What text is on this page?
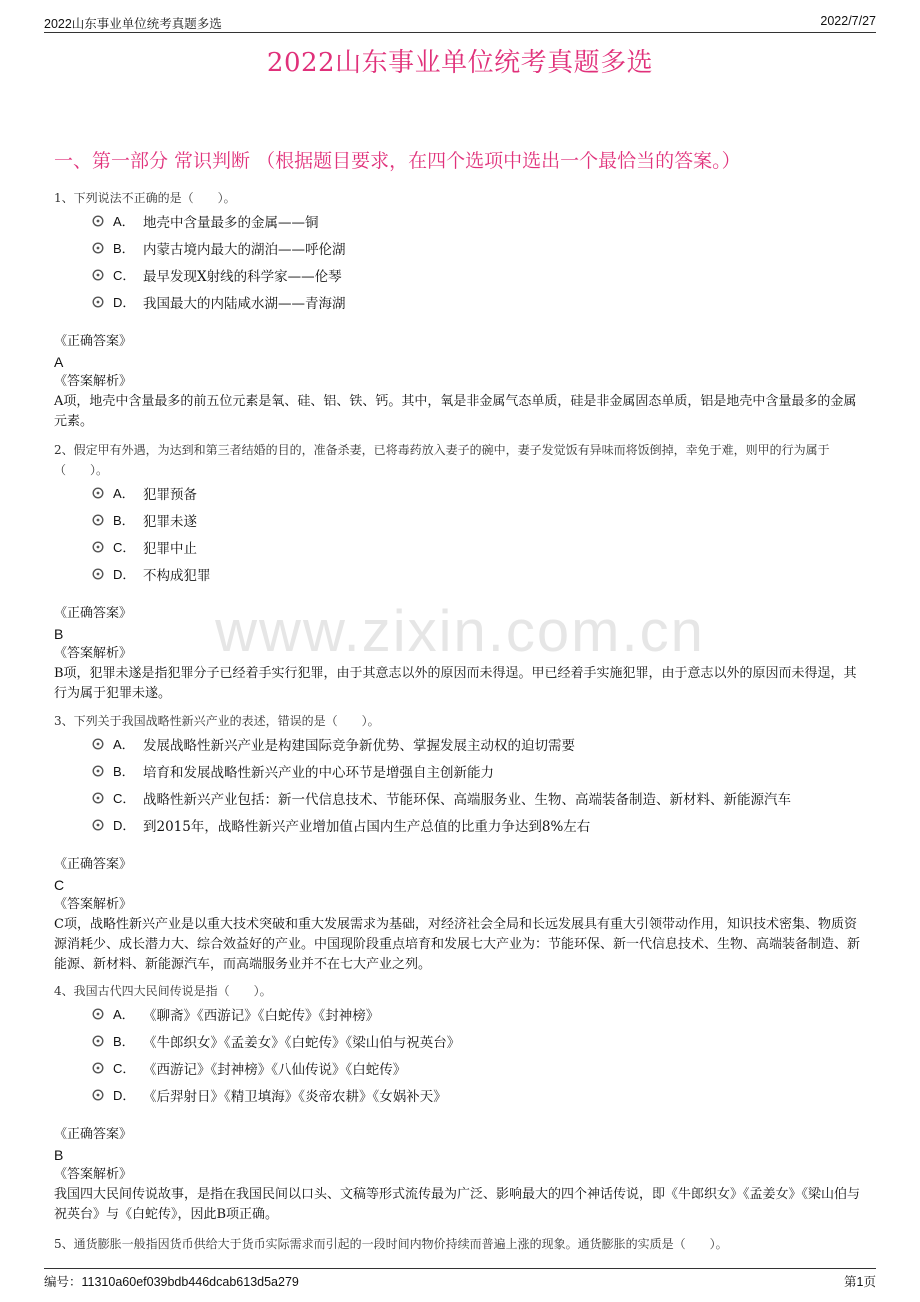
2022山东事业单位统考真题多选	2022/7/27
www.zixin.com.cn
2022山东事业单位统考真题多选
一、第一部分 常识判断 （根据题目要求，在四个选项中选出一个最恰当的答案。）
1、下列说法不正确的是（　　）。
A． 地壳中含量最多的金属——铜
B． 内蒙古境内最大的湖泊——呼伦湖
C． 最早发现X射线的科学家——伦琴
D． 我国最大的内陆咸水湖——青海湖
《正确答案》
A
《答案解析》
A项，地壳中含量最多的前五位元素是氧、硅、铝、铁、钙。其中，氧是非金属气态单质，硅是非金属固态单质，铝是地壳中含量最多的金属元素。
2、假定甲有外遇，为达到和第三者结婚的目的，准备杀妻，已将毒药放入妻子的碗中，妻子发觉饭有异味而将饭倒掉，幸免于难，则甲的行为属于（　　）。
A． 犯罪预备
B． 犯罪未遂
C． 犯罪中止
D． 不构成犯罪
《正确答案》
B
《答案解析》
B项，犯罪未遂是指犯罪分子已经着手实行犯罪，由于其意志以外的原因而未得逞。甲已经着手实施犯罪，由于意志以外的原因而未得逞，其行为属于犯罪未遂。
3、下列关于我国战略性新兴产业的表述，错误的是（　　）。
A． 发展战略性新兴产业是构建国际竞争新优势、掌握发展主动权的迫切需要
B． 培育和发展战略性新兴产业的中心环节是增强自主创新能力
C． 战略性新兴产业包括：新一代信息技术、节能环保、高端服务业、生物、高端装备制造、新材料、新能源汽车
D． 到2015年，战略性新兴产业增加值占国内生产总值的比重力争达到8%左右
《正确答案》
C
《答案解析》
C项，战略性新兴产业是以重大技术突破和重大发展需求为基础，对经济社会全局和长远发展具有重大引领带动作用，知识技术密集、物质资源消耗少、成长潜力大、综合效益好的产业。中国现阶段重点培育和发展七大产业为：节能环保、新一代信息技术、生物、高端装备制造、新能源、新材料、新能源汽车，而高端服务业并不在七大产业之列。
4、我国古代四大民间传说是指（　　）。
A． 《聊斋》《西游记》《白蛇传》《封神榜》
B． 《牛郎织女》《孟姜女》《白蛇传》《梁山伯与祝英台》
C． 《西游记》《封神榜》《八仙传说》《白蛇传》
D． 《后羿射日》《精卫填海》《炎帝农耕》《女娲补天》
《正确答案》
B
《答案解析》
我国四大民间传说故事，是指在我国民间以口头、文稿等形式流传最为广泛、影响最大的四个神话传说，即《牛郎织女》《孟姜女》《梁山伯与祝英台》与《白蛇传》，因此B项正确。
5、通货膨胀一般指因货币供给大于货币实际需求而引起的一段时间内物价持续而普遍上涨的现象。通货膨胀的实质是（　　）。
编号：11310a60ef039bdb446dcab613d5a279	第1页
